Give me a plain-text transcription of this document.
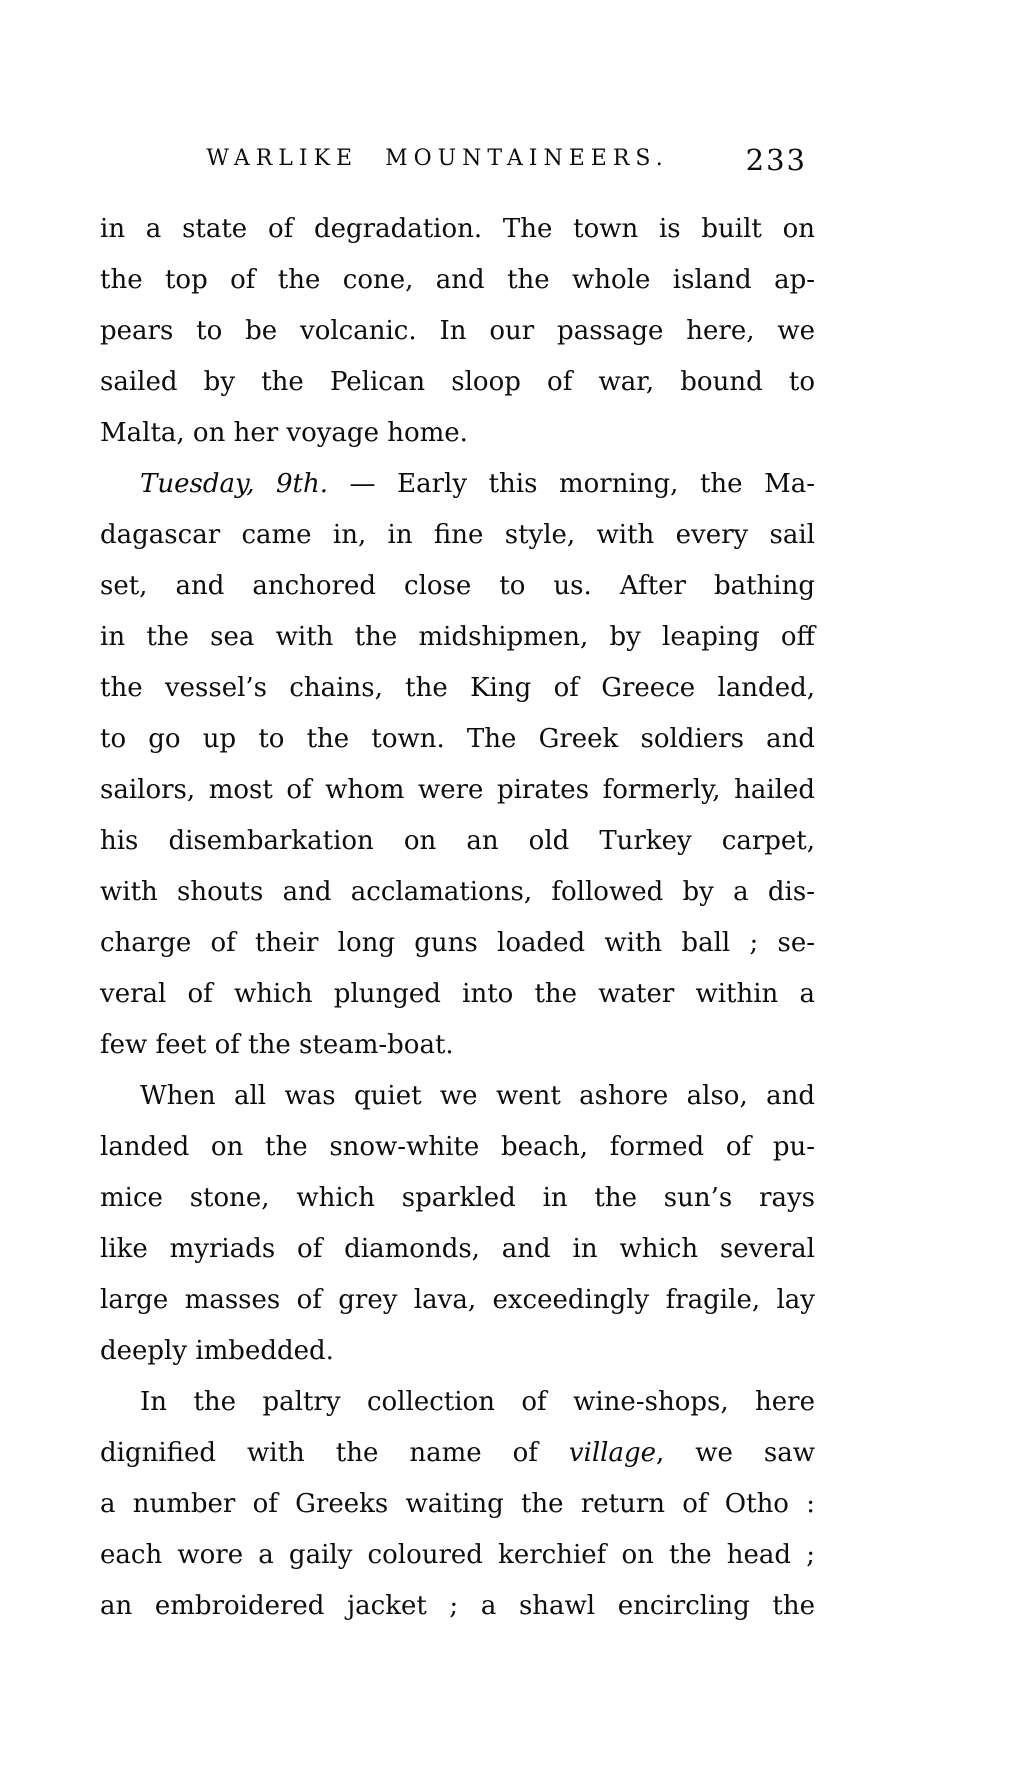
WARLIKE MOUNTAINEERS.	233
in a state of degradation. The town is built on
the top of the cone, and the whole island ap-
pears to be volcanic. In our passage here, we
sailed by the Pelican sloop of war, bound to
Malta, on her voyage home.
Tuesday, 9th. — Early this morning, the Ma-
dagascar came in, in fine style, with every sail
set, and anchored close to us. After bathing
in the sea with the midshipmen, by leaping off
the vessel’s chains, the King of Greece landed,
to go up to the town. The Greek soldiers and
sailors, most of whom were pirates formerly, hailed
his disembarkation on an old Turkey carpet,
with shouts and acclamations, followed by a dis-
charge of their long guns loaded with ball ; se-
veral of which plunged into the water within a
few feet of the steam-boat.
When all was quiet we went ashore also, and
landed on the snow-white beach, formed of pu-
mice stone, which sparkled in the sun’s rays
like myriads of diamonds, and in which several
large masses of grey lava, exceedingly fragile, lay
deeply imbedded.
In the paltry collection of wine-shops, here
dignified with the name of village, we saw
a number of Greeks waiting the return of Otho :
each wore a gaily coloured kerchief on the head ;
an embroidered jacket ; a shawl encircling the
